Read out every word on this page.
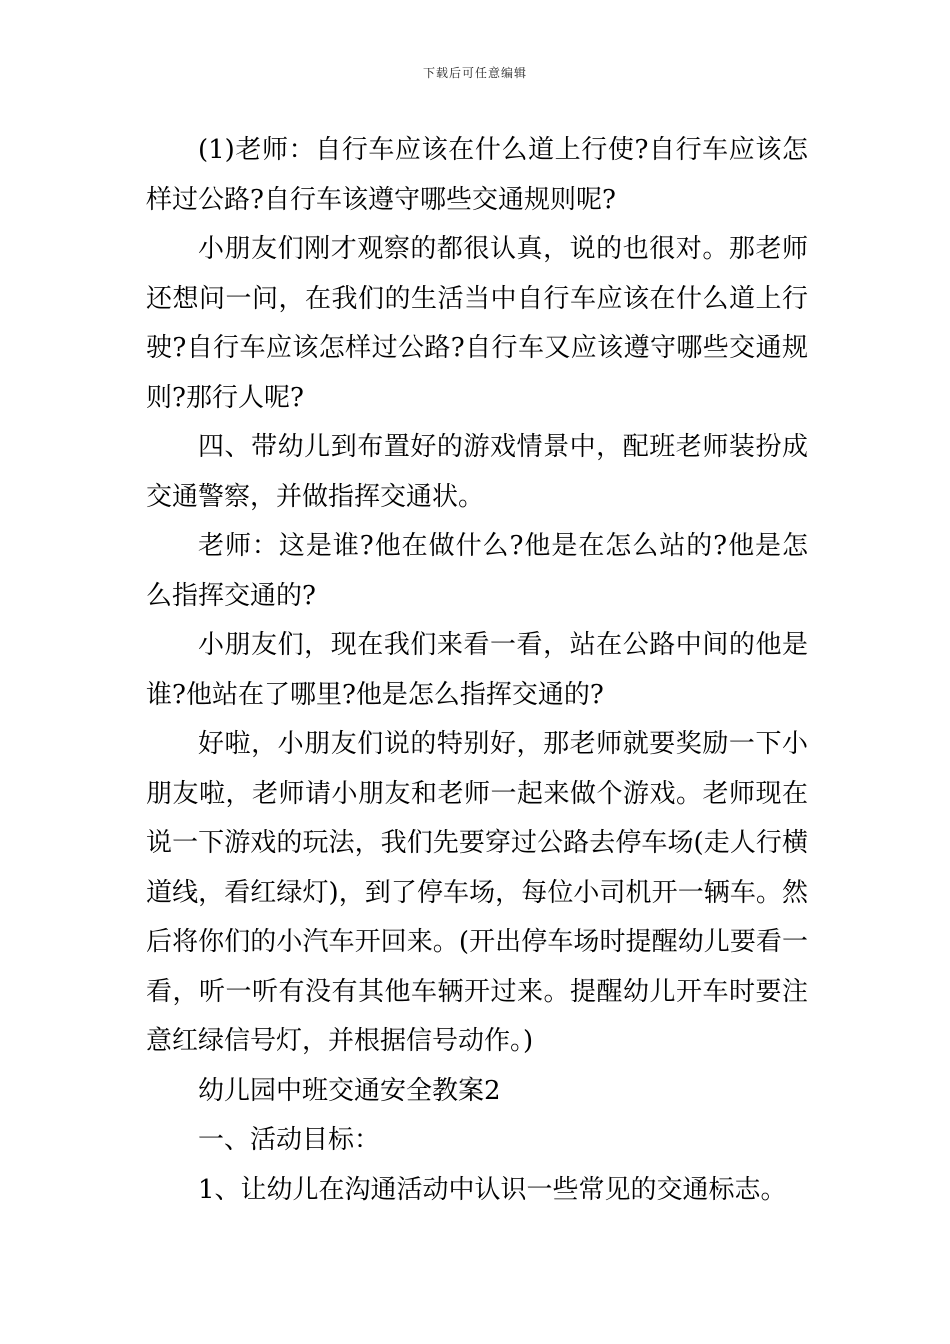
下载后可任意编辑

(1)老师：自行车应该在什么道上行使?自行车应该怎样过公路?自行车该遵守哪些交通规则呢?

小朋友们刚才观察的都很认真，说的也很对。那老师还想问一问，在我们的生活当中自行车应该在什么道上行驶?自行车应该怎样过公路?自行车又应该遵守哪些交通规则?那行人呢?

四、带幼儿到布置好的游戏情景中，配班老师装扮成交通警察，并做指挥交通状。

老师：这是谁?他在做什么?他是在怎么站的?他是怎么指挥交通的?

小朋友们，现在我们来看一看，站在公路中间的他是谁?他站在了哪里?他是怎么指挥交通的?

好啦，小朋友们说的特别好，那老师就要奖励一下小朋友啦，老师请小朋友和老师一起来做个游戏。老师现在说一下游戏的玩法，我们先要穿过公路去停车场(走人行横道线，看红绿灯)，到了停车场，每位小司机开一辆车。然后将你们的小汽车开回来。(开出停车场时提醒幼儿要看一看，听一听有没有其他车辆开过来。提醒幼儿开车时要注意红绿信号灯，并根据信号动作。)

幼儿园中班交通安全教案2

一、活动目标：

1、让幼儿在沟通活动中认识一些常见的交通标志。
